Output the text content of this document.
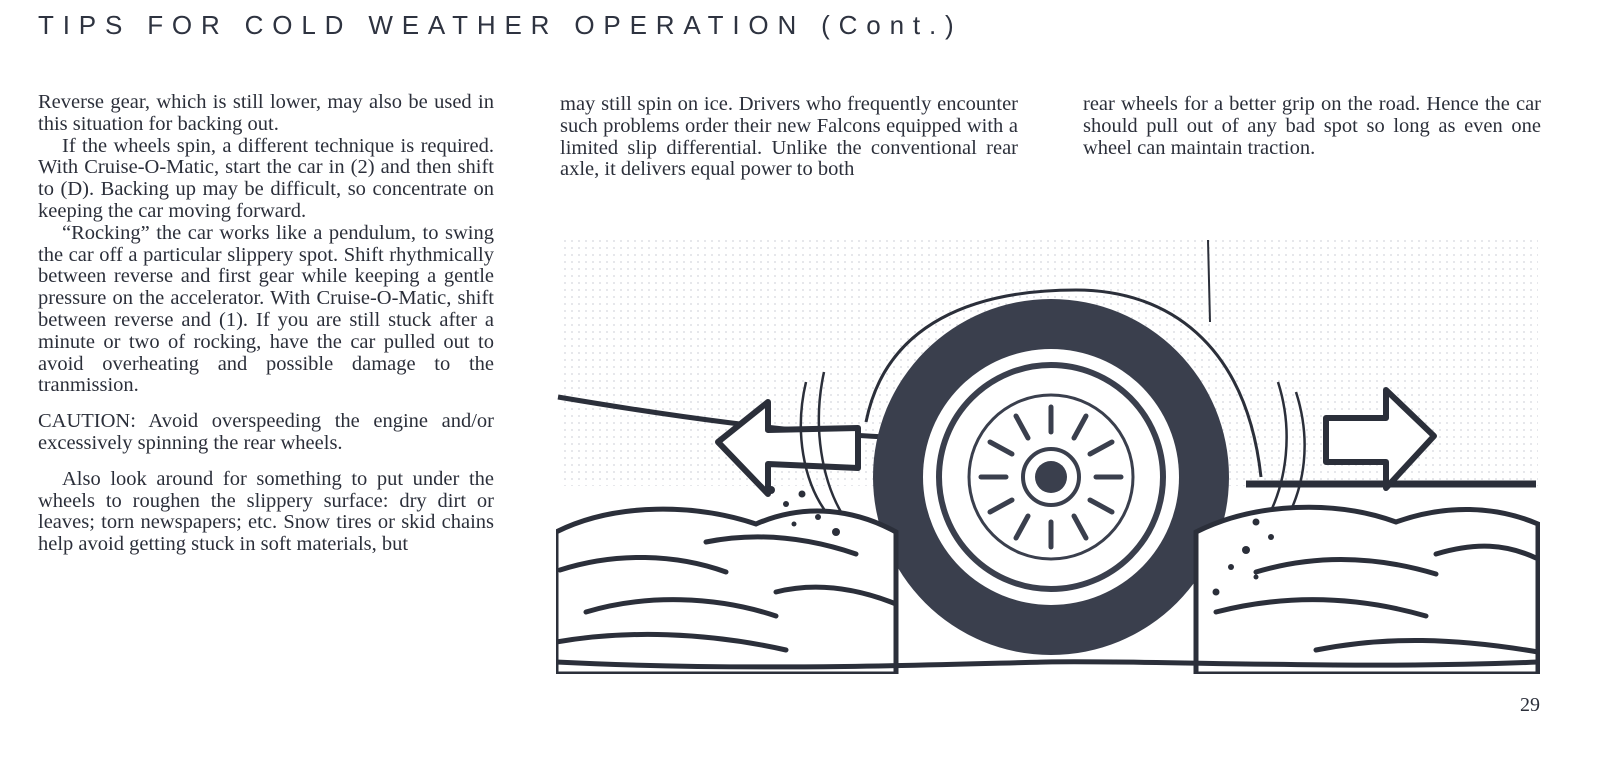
TIPS FOR COLD WEATHER OPERATION (Cont.)

Reverse gear, which is still lower, may also be used in this situation for backing out.

If the wheels spin, a different technique is required. With Cruise-O-Matic, start the car in (2) and then shift to (D). Backing up may be difficult, so concentrate on keeping the car moving forward.

“Rocking” the car works like a pendulum, to swing the car off a particular slippery spot. Shift rhythmically between reverse and first gear while keeping a gentle pressure on the accelerator. With Cruise-O-Matic, shift between reverse and (1). If you are still stuck after a minute or two of rocking, have the car pulled out to avoid overheating and possible damage to the tranmission.

CAUTION: Avoid overspeeding the engine and/or excessively spinning the rear wheels.

Also look around for something to put under the wheels to roughen the slippery surface: dry dirt or leaves; torn newspapers; etc. Snow tires or skid chains help avoid getting stuck in soft materials, but

may still spin on ice. Drivers who frequently encounter such problems order their new Falcons equipped with a limited slip differential. Unlike the conventional rear axle, it delivers equal power to both

rear wheels for a better grip on the road. Hence the car should pull out of any bad spot so long as even one wheel can maintain traction.

29
